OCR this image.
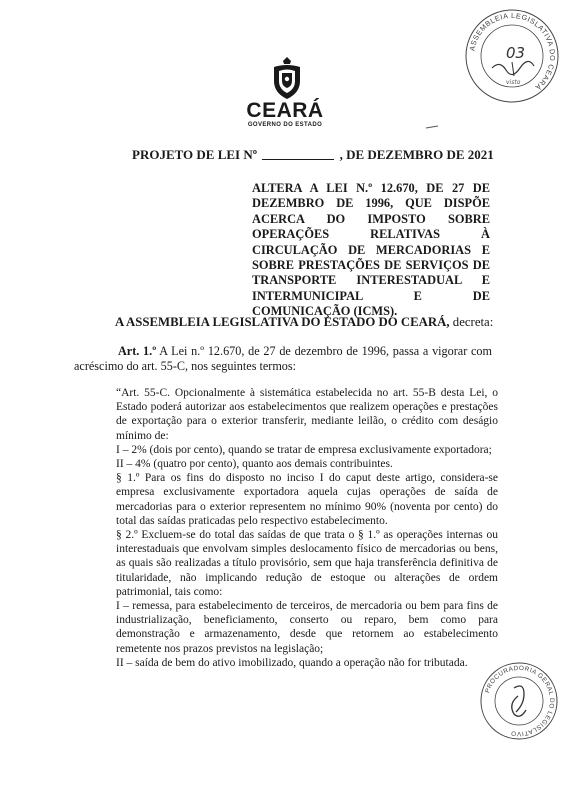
CEARÁ
GOVERNO DO ESTADO
ASSEMBLEIA LEGISLATIVA DO CEARÁ
03
visto
PROJETO DE LEI Nº	, DE DEZEMBRO DE 2021
ALTERA A LEI N.º 12.670, DE 27 DE DEZEMBRO DE 1996, QUE DISPÕE ACERCA DO IMPOSTO SOBRE OPERAÇÕES RELATIVAS À CIRCULAÇÃO DE MERCADORIAS E SOBRE PRESTAÇÕES DE SERVIÇOS DE TRANSPORTE INTERESTADUAL E INTERMUNICIPAL E DE COMUNICAÇÃO (ICMS).
A ASSEMBLEIA LEGISLATIVA DO ESTADO DO CEARÁ, decreta:
Art. 1.º A Lei n.º 12.670, de 27 de dezembro de 1996, passa a vigorar com acréscimo do art. 55-C, nos seguintes termos:

“Art. 55-C. Opcionalmente à sistemática estabelecida no art. 55-B desta Lei, o Estado poderá autorizar aos estabelecimentos que realizem operações e prestações de exportação para o exterior transferir, mediante leilão, o crédito com deságio mínimo de:

I – 2% (dois por cento), quando se tratar de empresa exclusivamente exportadora;

II – 4% (quatro por cento), quanto aos demais contribuintes.

§ 1.º Para os fins do disposto no inciso I do caput deste artigo, considera-se empresa exclusivamente exportadora aquela cujas operações de saída de mercadorias para o exterior representem no mínimo 90% (noventa por cento) do total das saídas praticadas pelo respectivo estabelecimento.

§ 2.º Excluem-se do total das saídas de que trata o § 1.º as operações internas ou interestaduais que envolvam simples deslocamento físico de mercadorias ou bens, as quais são realizadas a título provisório, sem que haja transferência definitiva de titularidade, não implicando redução de estoque ou alterações de ordem patrimonial, tais como:

I – remessa, para estabelecimento de terceiros, de mercadoria ou bem para fins de industrialização, beneficiamento, conserto ou reparo, bem como para demonstração e armazenamento, desde que retornem ao estabelecimento remetente nos prazos previstos na legislação;

II – saída de bem do ativo imobilizado, quando a operação não for tributada.

PROCURADORIA GERAL DO LEGISLATIVO
